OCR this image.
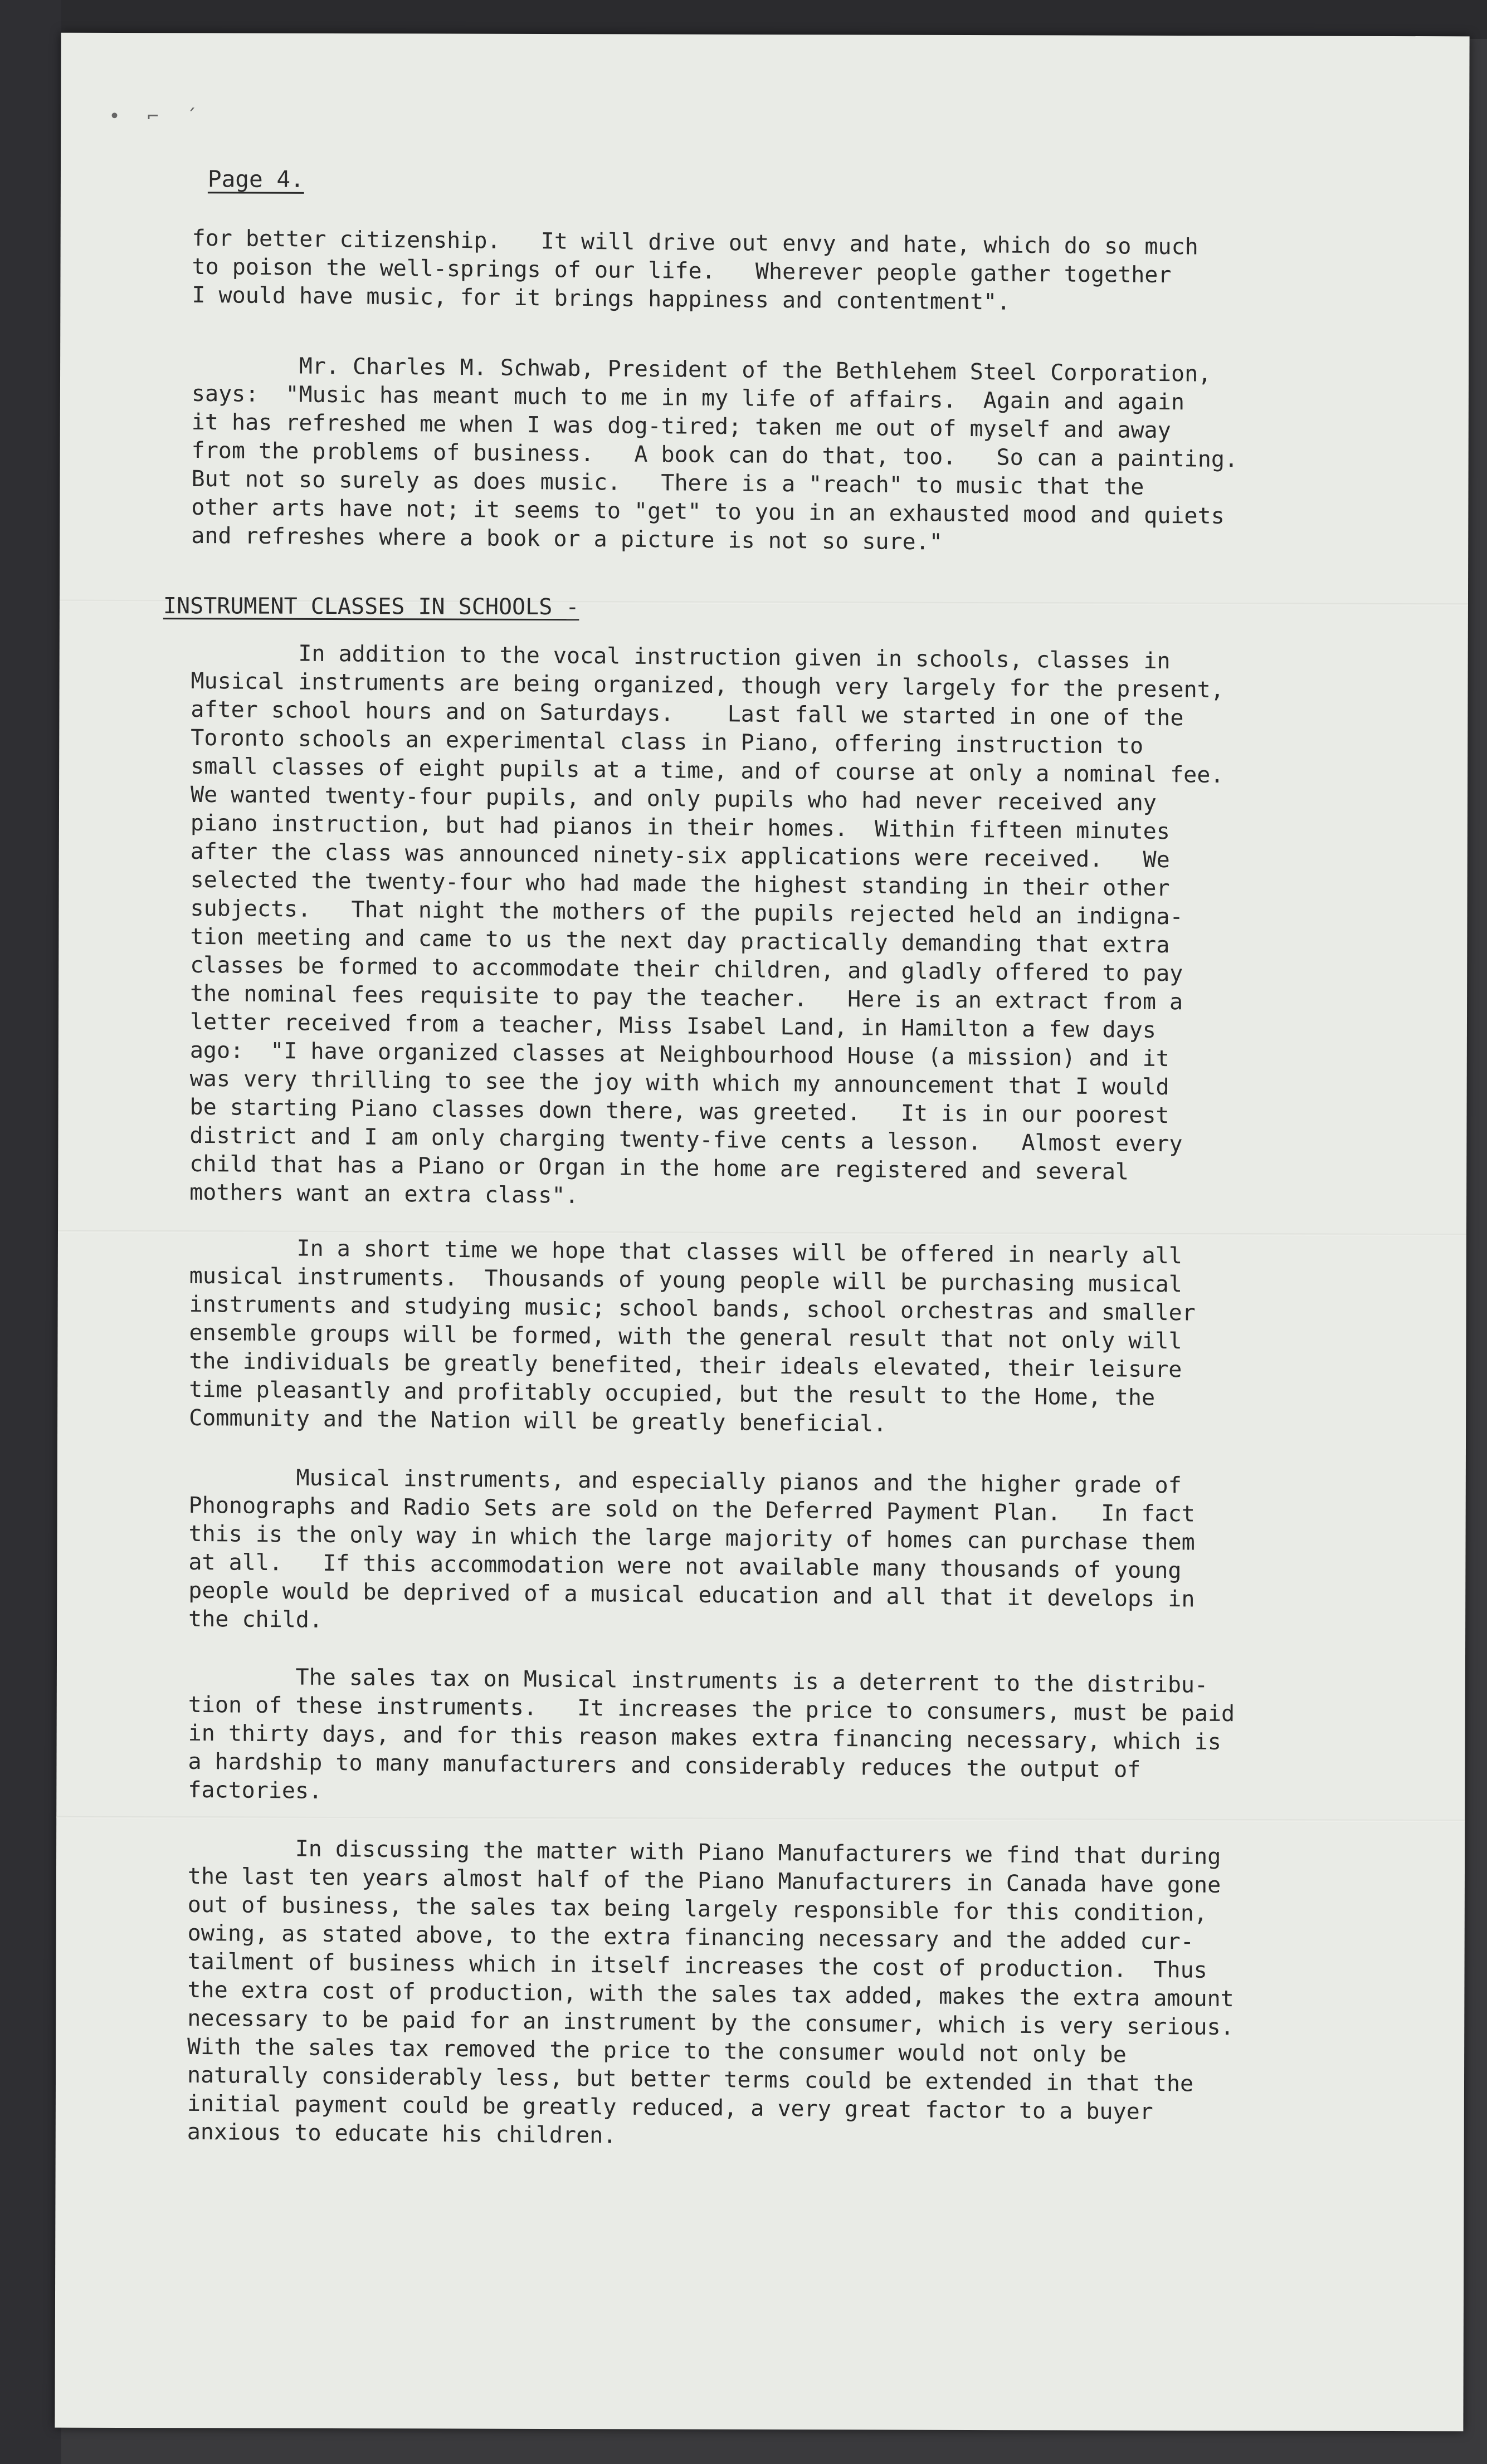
• ⌐ ´
Page 4.
for better citizenship.   It will drive out envy and hate, which do so much
to poison the well-springs of our life.   Wherever people gather together
I would have music, for it brings happiness and contentment".
Mr. Charles M. Schwab, President of the Bethlehem Steel Corporation,
says:  "Music has meant much to me in my life of affairs.  Again and again
it has refreshed me when I was dog-tired; taken me out of myself and away
from the problems of business.   A book can do that, too.   So can a painting.
But not so surely as does music.   There is a "reach" to music that the
other arts have not; it seems to "get" to you in an exhausted mood and quiets
and refreshes where a book or a picture is not so sure."
INSTRUMENT CLASSES IN SCHOOLS -
In addition to the vocal instruction given in schools, classes in
Musical instruments are being organized, though very largely for the present,
after school hours and on Saturdays.    Last fall we started in one of the
Toronto schools an experimental class in Piano, offering instruction to
small classes of eight pupils at a time, and of course at only a nominal fee.
We wanted twenty-four pupils, and only pupils who had never received any
piano instruction, but had pianos in their homes.  Within fifteen minutes
after the class was announced ninety-six applications were received.   We
selected the twenty-four who had made the highest standing in their other
subjects.   That night the mothers of the pupils rejected held an indigna-
tion meeting and came to us the next day practically demanding that extra
classes be formed to accommodate their children, and gladly offered to pay
the nominal fees requisite to pay the teacher.   Here is an extract from a
letter received from a teacher, Miss Isabel Land, in Hamilton a few days
ago:  "I have organized classes at Neighbourhood House (a mission) and it
was very thrilling to see the joy with which my announcement that I would
be starting Piano classes down there, was greeted.   It is in our poorest
district and I am only charging twenty-five cents a lesson.   Almost every
child that has a Piano or Organ in the home are registered and several
mothers want an extra class".
In a short time we hope that classes will be offered in nearly all
musical instruments.  Thousands of young people will be purchasing musical
instruments and studying music; school bands, school orchestras and smaller
ensemble groups will be formed, with the general result that not only will
the individuals be greatly benefited, their ideals elevated, their leisure
time pleasantly and profitably occupied, but the result to the Home, the
Community and the Nation will be greatly beneficial.
Musical instruments, and especially pianos and the higher grade of
Phonographs and Radio Sets are sold on the Deferred Payment Plan.   In fact
this is the only way in which the large majority of homes can purchase them
at all.   If this accommodation were not available many thousands of young
people would be deprived of a musical education and all that it develops in
the child.
The sales tax on Musical instruments is a deterrent to the distribu-
tion of these instruments.   It increases the price to consumers, must be paid
in thirty days, and for this reason makes extra financing necessary, which is
a hardship to many manufacturers and considerably reduces the output of
factories.
In discussing the matter with Piano Manufacturers we find that during
the last ten years almost half of the Piano Manufacturers in Canada have gone
out of business, the sales tax being largely responsible for this condition,
owing, as stated above, to the extra financing necessary and the added cur-
tailment of business which in itself increases the cost of production.  Thus
the extra cost of production, with the sales tax added, makes the extra amount
necessary to be paid for an instrument by the consumer, which is very serious.
With the sales tax removed the price to the consumer would not only be
naturally considerably less, but better terms could be extended in that the
initial payment could be greatly reduced, a very great factor to a buyer
anxious to educate his children.
